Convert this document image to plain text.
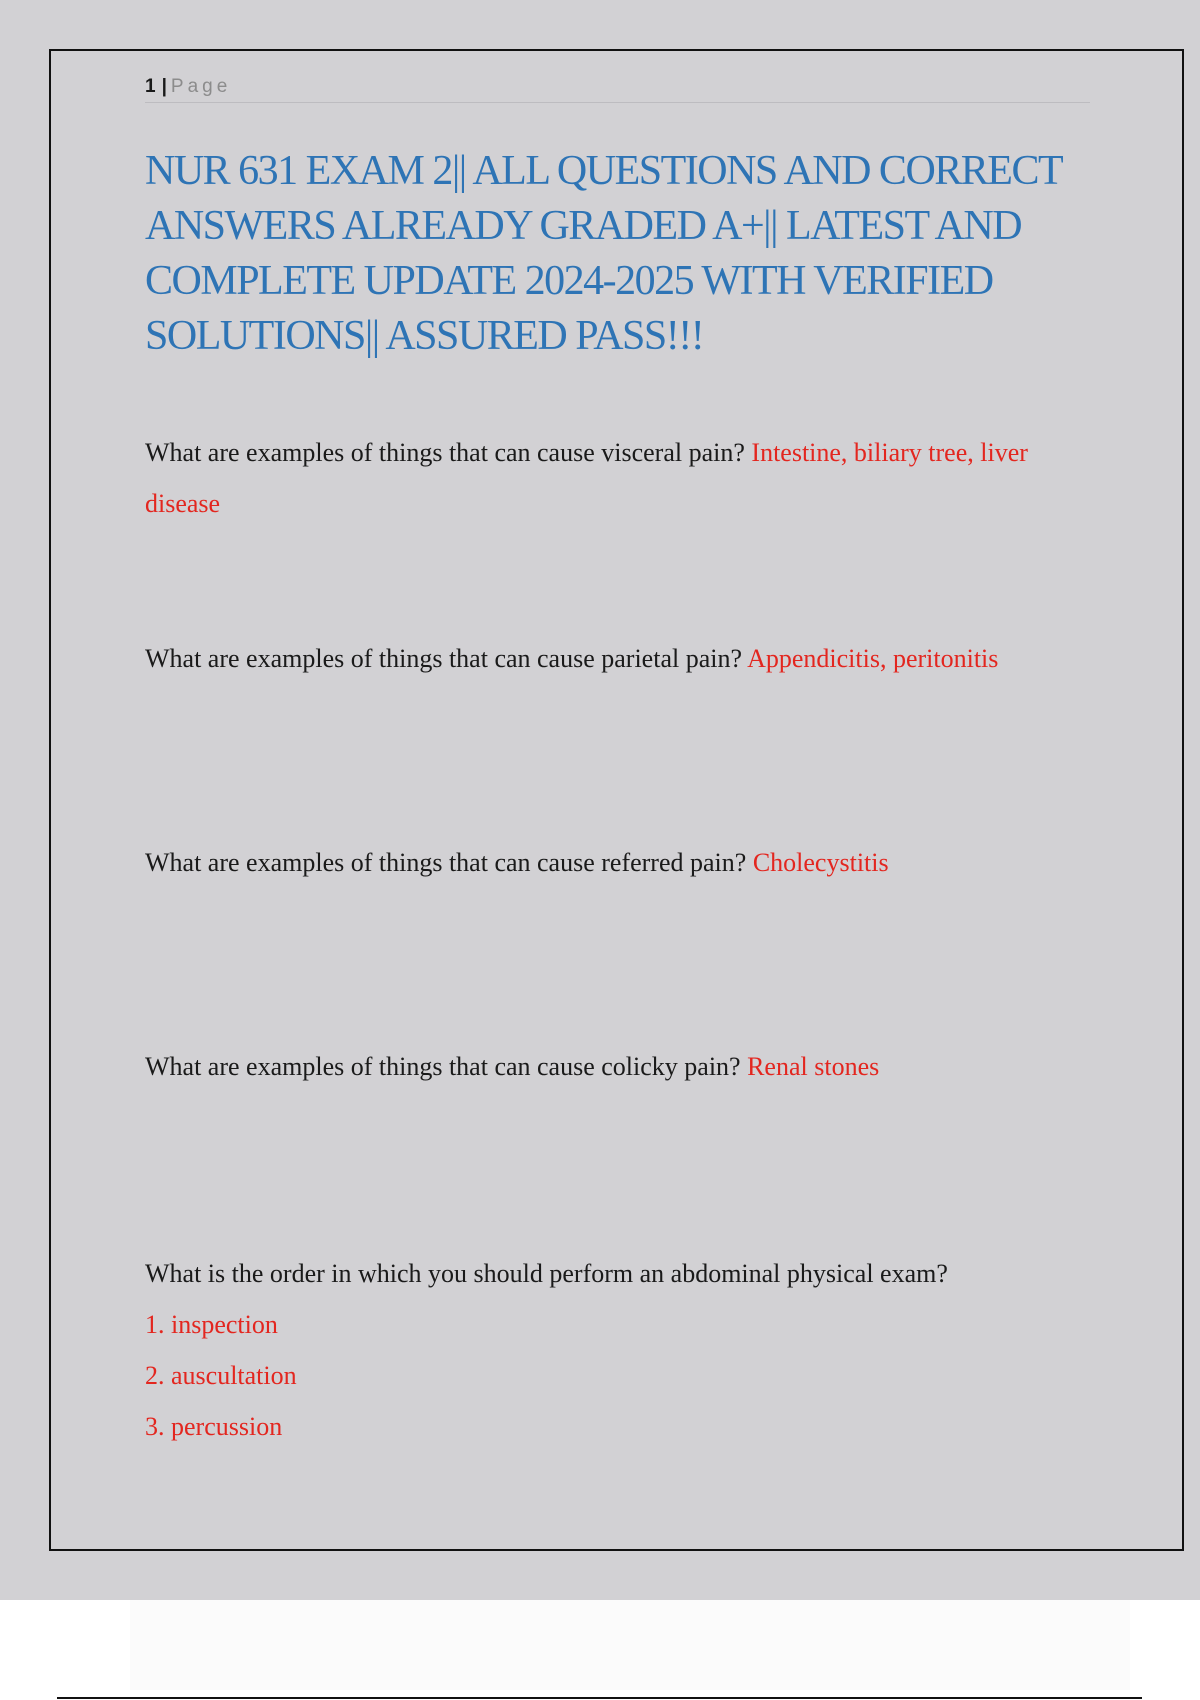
1 | Page
NUR 631 EXAM 2|| ALL QUESTIONS AND CORRECT ANSWERS ALREADY GRADED A+|| LATEST AND COMPLETE UPDATE 2024-2025 WITH VERIFIED SOLUTIONS|| ASSURED PASS!!!
What are examples of things that can cause visceral pain? Intestine, biliary tree, liver disease
What are examples of things that can cause parietal pain? Appendicitis, peritonitis
What are examples of things that can cause referred pain? Cholecystitis
What are examples of things that can cause colicky pain? Renal stones
What is the order in which you should perform an abdominal physical exam?
1. inspection
2. auscultation
3. percussion
